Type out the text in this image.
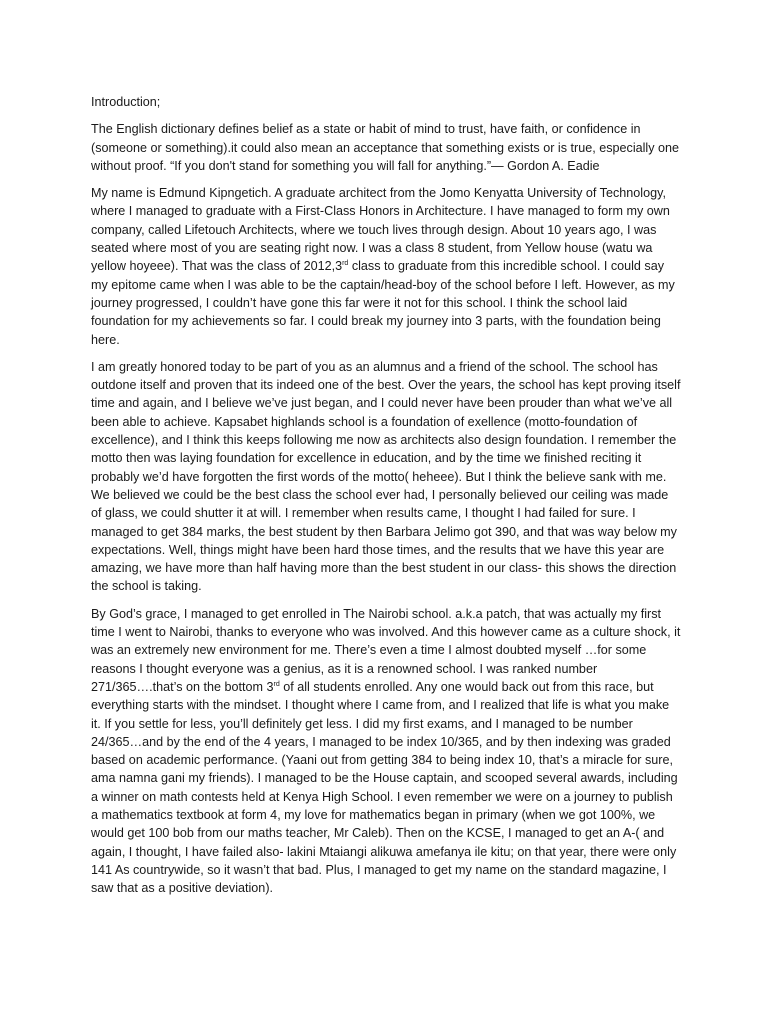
Introduction;

The English dictionary defines belief as a state or habit of mind to trust, have faith, or confidence in (someone or something).it could also mean an acceptance that something exists or is true, especially one without proof. “If you don't stand for something you will fall for anything.”— Gordon A. Eadie

My name is Edmund Kipngetich. A graduate architect from the Jomo Kenyatta University of Technology, where I managed to graduate with a First-Class Honors in Architecture. I have managed to form my own company, called Lifetouch Architects, where we touch lives through design. About 10 years ago, I was seated where most of you are seating right now. I was a class 8 student, from Yellow house (watu wa yellow hoyeee). That was the class of 2012,3rd class to graduate from this incredible school. I could say my epitome came when I was able to be the captain/head-boy of the school before I left. However, as my journey progressed, I couldn’t have gone this far were it not for this school. I think the school laid foundation for my achievements so far. I could break my journey into 3 parts, with the foundation being here.

I am greatly honored today to be part of you as an alumnus and a friend of the school. The school has outdone itself and proven that its indeed one of the best. Over the years, the school has kept proving itself time and again, and I believe we’ve just began, and I could never have been prouder than what we’ve all been able to achieve. Kapsabet highlands school is a foundation of exellence (motto-foundation of excellence), and I think this keeps following me now as architects also design foundation. I remember the motto then was laying foundation for excellence in education, and by the time we finished reciting it probably we’d have forgotten the first words of the motto( heheee). But I think the believe sank with me. We believed we could be the best class the school ever had, I personally believed our ceiling was made of glass, we could shutter it at will. I remember when results came, I thought I had failed for sure. I managed to get 384 marks, the best student by then Barbara Jelimo got 390, and that was way below my expectations. Well, things might have been hard those times, and the results that we have this year are amazing, we have more than half having more than the best student in our class- this shows the direction the school is taking.

By God’s grace, I managed to get enrolled in The Nairobi school. a.k.a patch, that was actually my first time I went to Nairobi, thanks to everyone who was involved. And this however came as a culture shock, it was an extremely new environment for me. There’s even a time I almost doubted myself …for some reasons I thought everyone was a genius, as it is a renowned school. I was ranked number 271/365….that’s on the bottom 3rd of all students enrolled. Any one would back out from this race, but everything starts with the mindset. I thought where I came from, and I realized that life is what you make it. If you settle for less, you’ll definitely get less. I did my first exams, and I managed to be number 24/365…and by the end of the 4 years, I managed to be index 10/365, and by then indexing was graded based on academic performance. (Yaani out from getting 384 to being index 10, that’s a miracle for sure, ama namna gani my friends). I managed to be the House captain, and scooped several awards, including a winner on math contests held at Kenya High School. I even remember we were on a journey to publish a mathematics textbook at form 4, my love for mathematics began in primary (when we got 100%, we would get 100 bob from our maths teacher, Mr Caleb). Then on the KCSE, I managed to get an A-( and again, I thought, I have failed also- lakini Mtaiangi alikuwa amefanya ile kitu; on that year, there were only 141 As countrywide, so it wasn’t that bad. Plus, I managed to get my name on the standard magazine, I saw that as a positive deviation).
